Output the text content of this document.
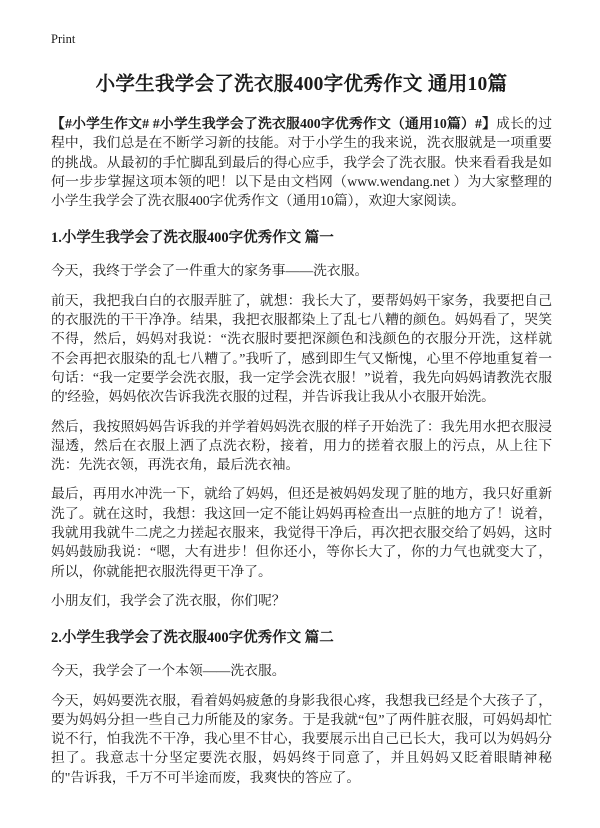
Print
小学生我学会了洗衣服400字优秀作文 通用10篇

【#小学生作文# #小学生我学会了洗衣服400字优秀作文（通用10篇）#】成长的过程中，我们总是在不断学习新的技能。对于小学生的我来说，洗衣服就是一项重要的挑战。从最初的手忙脚乱到最后的得心应手，我学会了洗衣服。快来看看我是如何一步步掌握这项本领的吧！以下是由文档网（www.wendang.net ）为大家整理的小学生我学会了洗衣服400字优秀作文（通用10篇），欢迎大家阅读。

1.小学生我学会了洗衣服400字优秀作文 篇一

今天，我终于学会了一件重大的家务事——洗衣服。

前天，我把我白白的衣服弄脏了，就想：我长大了，要帮妈妈干家务，我要把自己的衣服洗的干干净净。结果，我把衣服都染上了乱七八糟的颜色。妈妈看了，哭笑不得，然后，妈妈对我说：“洗衣服时要把深颜色和浅颜色的衣服分开洗，这样就不会再把衣服染的乱七八糟了。”我听了，感到即生气又惭愧，心里不停地重复着一句话：“我一定要学会洗衣服，我一定学会洗衣服！”说着，我先向妈妈请教洗衣服的'经验，妈妈依次告诉我洗衣服的过程，并告诉我让我从小衣服开始洗。

然后，我按照妈妈告诉我的并学着妈妈洗衣服的样子开始洗了：我先用水把衣服浸湿透，然后在衣服上洒了点洗衣粉，接着，用力的搓着衣服上的污点，从上往下洗：先洗衣领，再洗衣角，最后洗衣袖。

最后，再用水冲洗一下，就给了妈妈，但还是被妈妈发现了脏的地方，我只好重新洗了。就在这时，我想：我这回一定不能让妈妈再检查出一点脏的地方了！说着，我就用我就牛二虎之力搓起衣服来，我觉得干净后，再次把衣服交给了妈妈，这时妈妈鼓励我说：“嗯，大有进步！但你还小，等你长大了，你的力气也就变大了，所以，你就能把衣服洗得更干净了。

小朋友们，我学会了洗衣服，你们呢？

2.小学生我学会了洗衣服400字优秀作文 篇二

今天，我学会了一个本领——洗衣服。

今天，妈妈要洗衣服，看着妈妈疲惫的身影我很心疼，我想我已经是个大孩子了，要为妈妈分担一些自己力所能及的家务。于是我就“包”了两件脏衣服，可妈妈却忙说不行，怕我洗不干净，我心里不甘心，我要展示出自己已长大，我可以为妈妈分担了。我意志十分坚定要洗衣服，妈妈终于同意了，并且妈妈又眨着眼睛神秘的"告诉我，千万不可半途而废，我爽快的答应了。
